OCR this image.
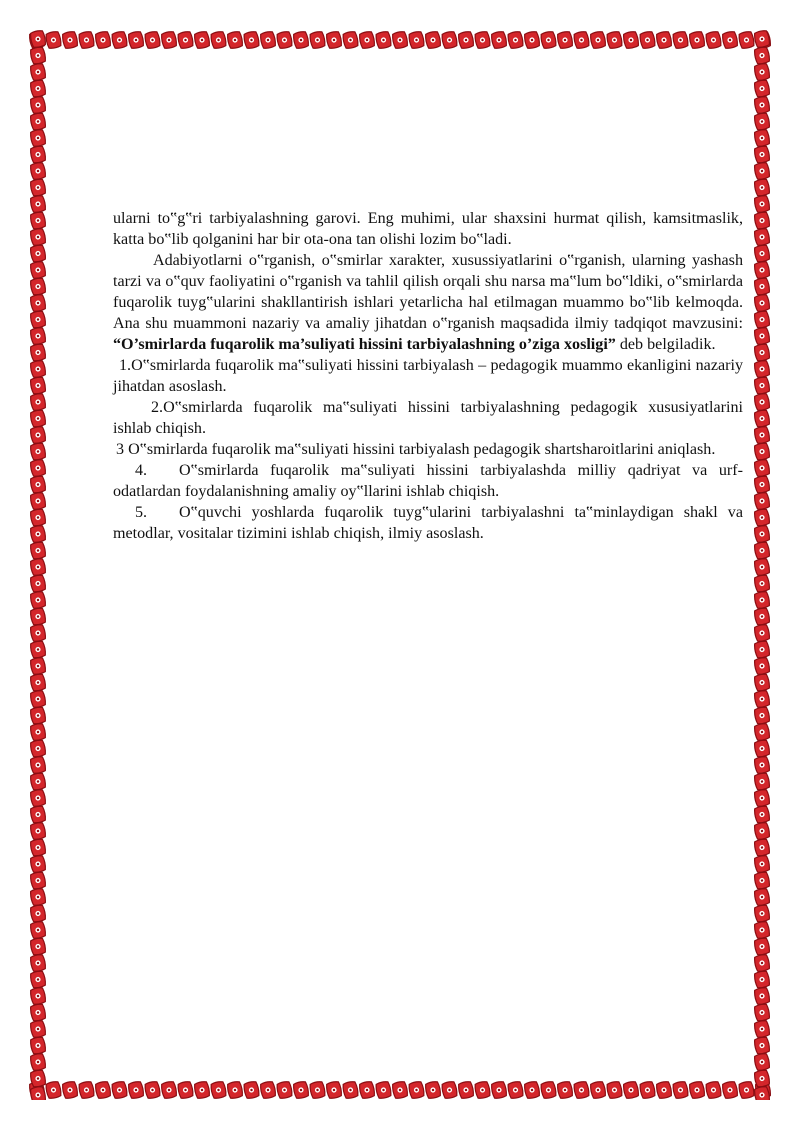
ularni to‟g‟ri tarbiyalashning garovi. Eng muhimi, ular shaxsini hurmat qilish, kamsitmaslik, katta bo‟lib qolganini har bir ota-ona tan olishi lozim bo‟ladi.

Adabiyotlarni o‟rganish, o‟smirlar xarakter, xusussiyatlarini o‟rganish, ularning yashash tarzi va o‟quv faoliyatini o‟rganish va tahlil qilish orqali shu narsa ma‟lum bo‟ldiki, o‟smirlarda fuqarolik tuyg‟ularini shakllantirish ishlari yetarlicha hal etilmagan muammo bo‟lib kelmoqda. Ana shu muammoni nazariy va amaliy jihatdan o‟rganish maqsadida ilmiy tadqiqot mavzusini: “O’smirlarda fuqarolik ma’suliyati hissini tarbiyalashning o’ziga xosligi” deb belgiladik.

1.O‟smirlarda fuqarolik ma‟suliyati hissini tarbiyalash – pedagogik muammo ekanligini nazariy jihatdan asoslash.

2.O‟smirlarda fuqarolik ma‟suliyati hissini tarbiyalashning pedagogik xususiyatlarini ishlab chiqish.

3 O‟smirlarda fuqarolik ma‟suliyati hissini tarbiyalash pedagogik shartsharoitlarini aniqlash.

4. O‟smirlarda fuqarolik ma‟suliyati hissini tarbiyalashda milliy qadriyat va urf-odatlardan foydalanishning amaliy oy‟llarini ishlab chiqish.

5. O‟quvchi yoshlarda fuqarolik tuyg‟ularini tarbiyalashni ta‟minlaydigan shakl va metodlar, vositalar tizimini ishlab chiqish, ilmiy asoslash.
